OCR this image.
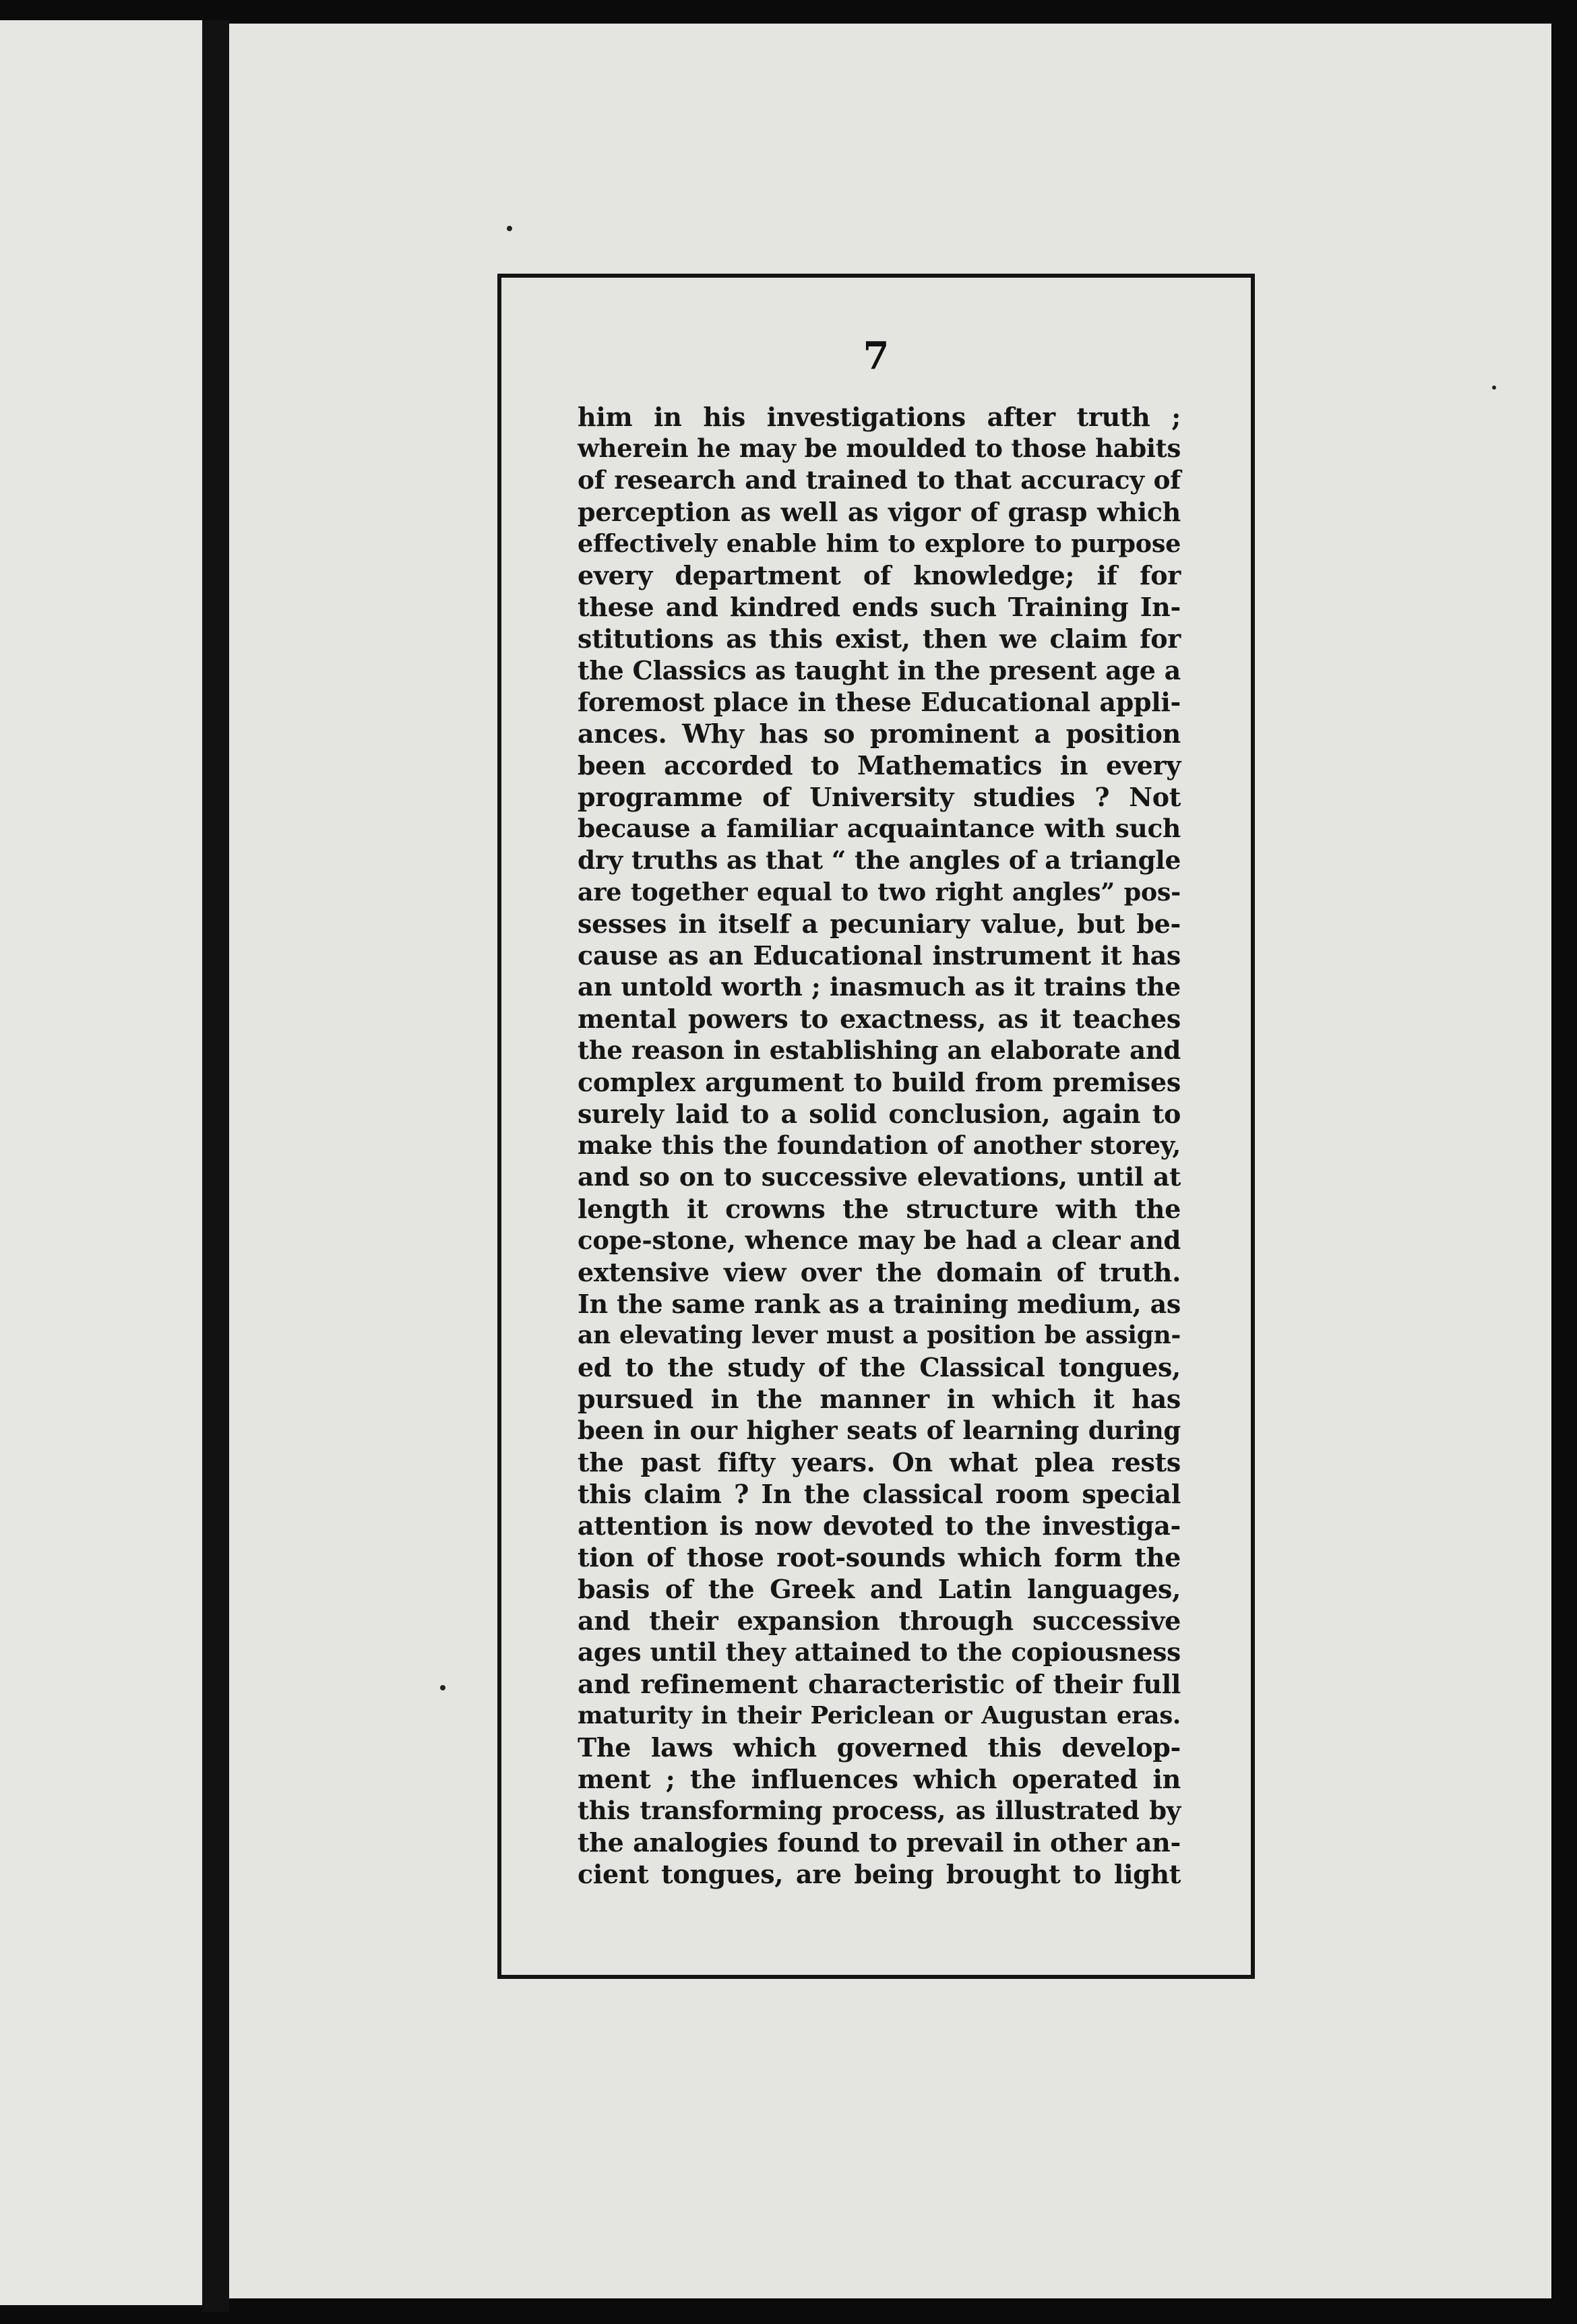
7
him in his investigations after truth ;
wherein he may be moulded to those habits
of research and trained to that accuracy of
perception as well as vigor of grasp which
effectively enable him to explore to purpose
every department of knowledge; if for
these and kindred ends such Training In-
stitutions as this exist, then we claim for
the Classics as taught in the present age a
foremost place in these Educational appli-
ances. Why has so prominent a position
been accorded to Mathematics in every
programme of University studies ? Not
because a familiar acquaintance with such
dry truths as that “ the angles of a triangle
are together equal to two right angles” pos-
sesses in itself a pecuniary value, but be-
cause as an Educational instrument it has
an untold worth ; inasmuch as it trains the
mental powers to exactness, as it teaches
the reason in establishing an elaborate and
complex argument to build from premises
surely laid to a solid conclusion, again to
make this the foundation of another storey,
and so on to successive elevations, until at
length it crowns the structure with the
cope-stone, whence may be had a clear and
extensive view over the domain of truth.
In the same rank as a training medium, as
an elevating lever must a position be assign-
ed to the study of the Classical tongues,
pursued in the manner in which it has
been in our higher seats of learning during
the past fifty years. On what plea rests
this claim ? In the classical room special
attention is now devoted to the investiga-
tion of those root-sounds which form the
basis of the Greek and Latin languages,
and their expansion through successive
ages until they attained to the copiousness
and refinement characteristic of their full
maturity in their Periclean or Augustan eras.
The laws which governed this develop-
ment ; the influences which operated in
this transforming process, as illustrated by
the analogies found to prevail in other an-
cient tongues, are being brought to light
